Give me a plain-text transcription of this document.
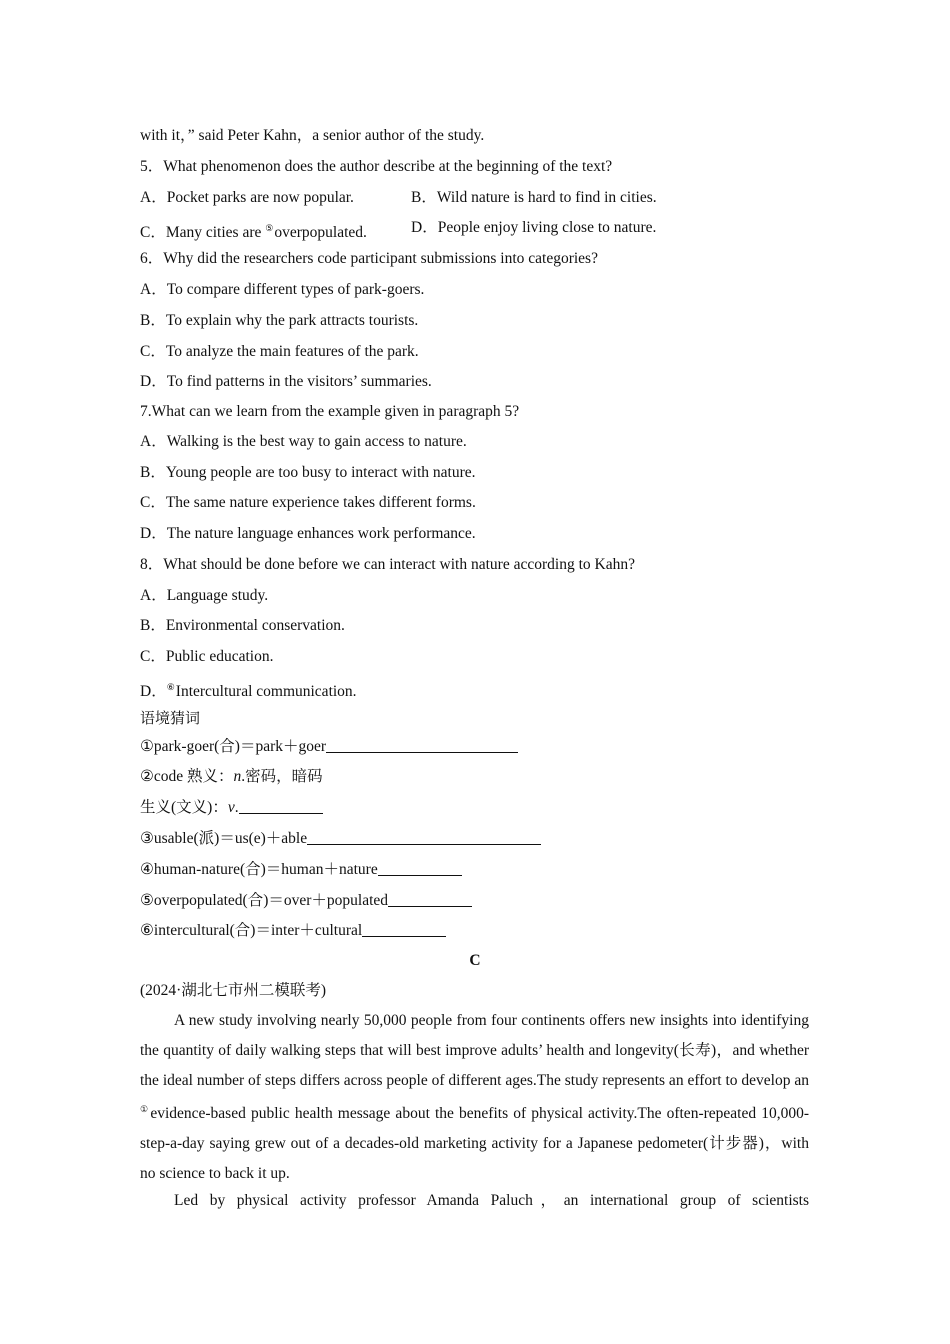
with it，” said Peter Kahn，a senior author of the study.
5．What phenomenon does the author describe at the beginning of the text?
A．Pocket parks are now popular.	B．Wild nature is hard to find in cities.
C．Many cities are ⑤overpopulated.	D．People enjoy living close to nature.
6．Why did the researchers code participant submissions into categories?
A．To compare different types of park-goers.
B．To explain why the park attracts tourists.
C．To analyze the main features of the park.
D．To find patterns in the visitors’ summaries.
7.What can we learn from the example given in paragraph 5?
A．Walking is the best way to gain access to nature.
B．Young people are too busy to interact with nature.
C．The same nature experience takes different forms.
D．The nature language enhances work performance.
8．What should be done before we can interact with nature according to Kahn?
A．Language study.
B．Environmental conservation.
C．Public education.
D．⑥Intercultural communication.
语境猜词
①park-goer(合)＝park＋goer
②code 熟义：n.密码，暗码
生义(文义)：v.
③usable(派)＝us(e)＋able
④human-nature(合)＝human＋nature
⑤overpopulated(合)＝over＋populated
⑥intercultural(合)＝inter＋cultural
C
(2024·湖北七市州二模联考)
A new study involving nearly 50,000 people from four continents offers new insights into identifying the quantity of daily walking steps that will best improve adults’ health and longevity(长寿)，and whether the ideal number of steps differs across people of different ages.The study represents an effort to develop an ①evidence-based public health message about the benefits of physical activity.The often-repeated 10,000-step-a-day saying grew out of a decades-old marketing activity for a Japanese pedometer(计步器)，with no science to back it up.
Led by physical activity professor Amanda Paluch，an international group of scientists
